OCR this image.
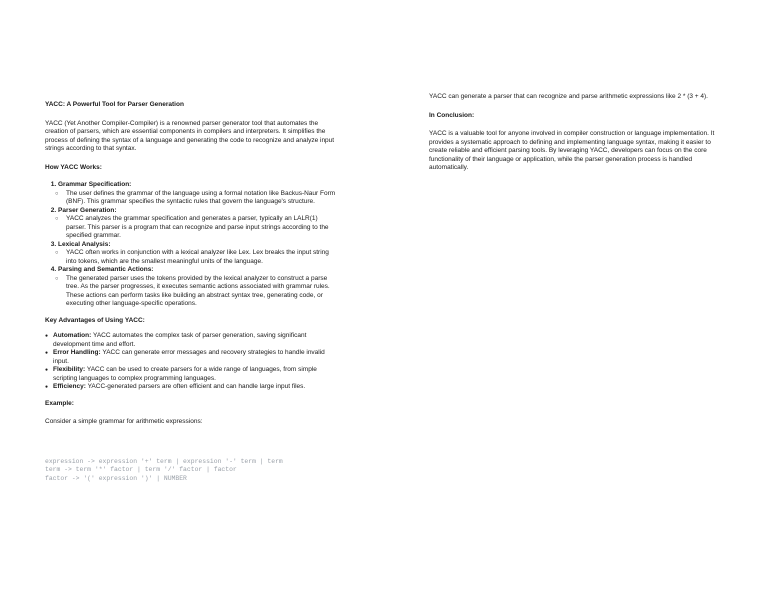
YACC: A Powerful Tool for Parser Generation

YACC (Yet Another Compiler-Compiler) is a renowned parser generator tool that automates the creation of parsers, which are essential components in compilers and interpreters. It simplifies the process of defining the syntax of a language and generating the code to recognize and analyze input strings according to that syntax.

How YACC Works:

1. Grammar Specification:
○ The user defines the grammar of the language using a formal notation like Backus-Naur Form (BNF). This grammar specifies the syntactic rules that govern the language's structure.
2. Parser Generation:
○ YACC analyzes the grammar specification and generates a parser, typically an LALR(1) parser. This parser is a program that can recognize and parse input strings according to the specified grammar.
3. Lexical Analysis:
○ YACC often works in conjunction with a lexical analyzer like Lex. Lex breaks the input string into tokens, which are the smallest meaningful units of the language.
4. Parsing and Semantic Actions:
○ The generated parser uses the tokens provided by the lexical analyzer to construct a parse tree. As the parser progresses, it executes semantic actions associated with grammar rules. These actions can perform tasks like building an abstract syntax tree, generating code, or executing other language-specific operations.

Key Advantages of Using YACC:

● Automation: YACC automates the complex task of parser generation, saving significant development time and effort.
● Error Handling: YACC can generate error messages and recovery strategies to handle invalid input.
● Flexibility: YACC can be used to create parsers for a wide range of languages, from simple scripting languages to complex programming languages.
● Efficiency: YACC-generated parsers are often efficient and can handle large input files.

Example:

Consider a simple grammar for arithmetic expressions:

expression -> expression '+' term | expression '-' term | term
term -> term '*' factor | term '/' factor | factor
factor -> '(' expression ')' | NUMBER

YACC can generate a parser that can recognize and parse arithmetic expressions like 2 * (3 + 4).

In Conclusion:

YACC is a valuable tool for anyone involved in compiler construction or language implementation. It provides a systematic approach to defining and implementing language syntax, making it easier to create reliable and efficient parsing tools. By leveraging YACC, developers can focus on the core functionality of their language or application, while the parser generation process is handled automatically.
